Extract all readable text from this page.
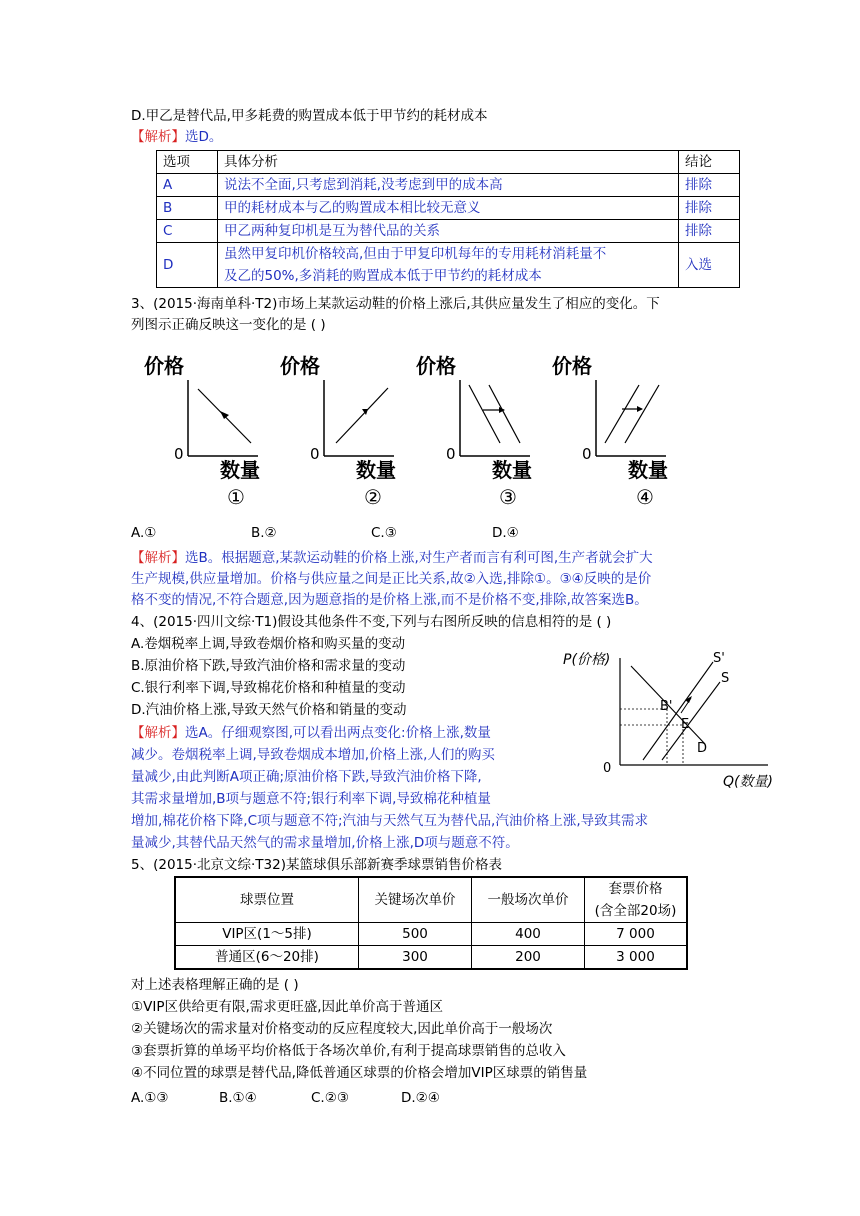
D.甲乙是替代品,甲多耗费的购置成本低于甲节约的耗材成本
【解析】选D。
选项	具体分析	结论
A	说法不全面,只考虑到消耗,没考虑到甲的成本高	排除
B	甲的耗材成本与乙的购置成本相比较无意义	排除
C	甲乙两种复印机是互为替代品的关系	排除
D	虽然甲复印机价格较高,但由于甲复印机每年的专用耗材消耗量不
及乙的50%,多消耗的购置成本低于甲节约的耗材成本	入选
3、(2015·海南单科·T2)市场上某款运动鞋的价格上涨后,其供应量发生了相应的变化。下
列图示正确反映这一变化的是 ( )
价格
0
数量
①
价格
0
数量
②
价格
0
数量
③
价格
0
数量
④
A.①	B.②	C.③	D.④
【解析】选B。根据题意,某款运动鞋的价格上涨,对生产者而言有利可图,生产者就会扩大
生产规模,供应量增加。价格与供应量之间是正比关系,故②入选,排除①。③④反映的是价
格不变的情况,不符合题意,因为题意指的是价格上涨,而不是价格不变,排除,故答案选B。
4、(2015·四川文综·T1)假设其他条件不变,下列与右图所反映的信息相符的是 ( )
A.卷烟税率上调,导致卷烟价格和购买量的变动
B.原油价格下跌,导致汽油价格和需求量的变动
C.银行利率下调,导致棉花价格和种植量的变动
D.汽油价格上涨,导致天然气价格和销量的变动
P(价格)
0
Q(数量)
D
S'
S
B'
E
【解析】选A。仔细观察图,可以看出两点变化:价格上涨,数量
减少。卷烟税率上调,导致卷烟成本增加,价格上涨,人们的购买
量减少,由此判断A项正确;原油价格下跌,导致汽油价格下降,
其需求量增加,B项与题意不符;银行利率下调,导致棉花种植量
增加,棉花价格下降,C项与题意不符;汽油与天然气互为替代品,汽油价格上涨,导致其需求
量减少,其替代品天然气的需求量增加,价格上涨,D项与题意不符。
5、(2015·北京文综·T32)某篮球俱乐部新赛季球票销售价格表
球票位置	关键场次单价	一般场次单价	套票价格
(含全部20场)

VIP区(1～5排)	500	400	7 000
普通区(6～20排)	300	200	3 000
对上述表格理解正确的是 ( )
①VIP区供给更有限,需求更旺盛,因此单价高于普通区
②关键场次的需求量对价格变动的反应程度较大,因此单价高于一般场次
③套票折算的单场平均价格低于各场次单价,有利于提高球票销售的总收入
④不同位置的球票是替代品,降低普通区球票的价格会增加VIP区球票的销售量
A.①③	B.①④	C.②③	D.②④
